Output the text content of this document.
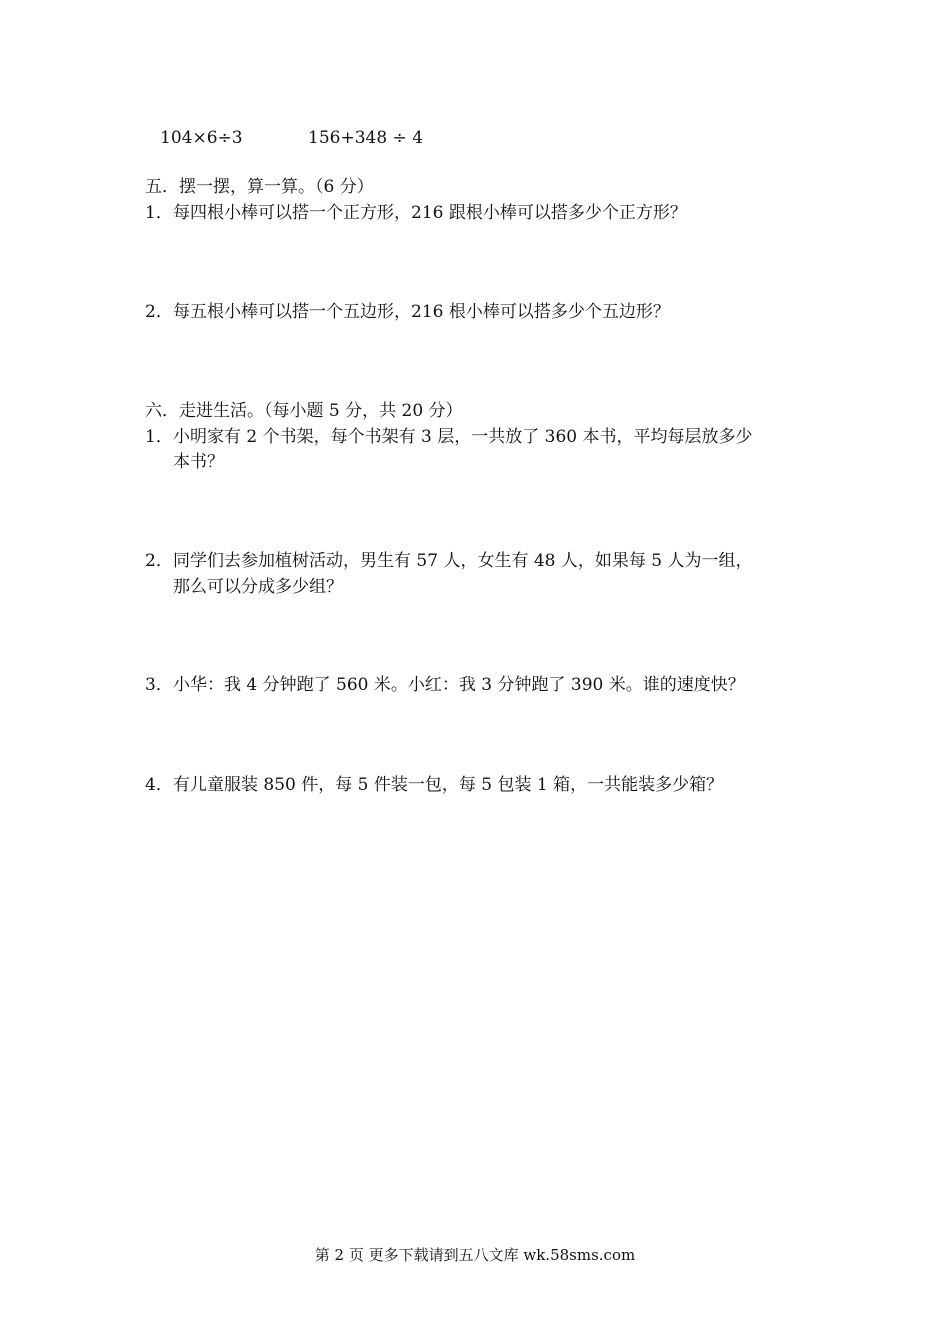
104×6÷3	156+348 ÷ 4
五．摆一摆，算一算。（6 分）
1．每四根小棒可以搭一个正方形，216 跟根小棒可以搭多少个正方形？
2．每五根小棒可以搭一个五边形，216 根小棒可以搭多少个五边形？
六．走进生活。（每小题 5 分，共 20 分）
1．小明家有 2 个书架，每个书架有 3 层，一共放了 360 本书，平均每层放多少
本书？
2．同学们去参加植树活动，男生有 57 人，女生有 48 人，如果每 5 人为一组，
那么可以分成多少组？
3．小华：我 4 分钟跑了 560 米。小红：我 3 分钟跑了 390 米。谁的速度快？
4．有儿童服装 850 件，每 5 件装一包，每 5 包装 1 箱，一共能装多少箱？
第 2 页 更多下载请到五八文库 wk.58sms.com
